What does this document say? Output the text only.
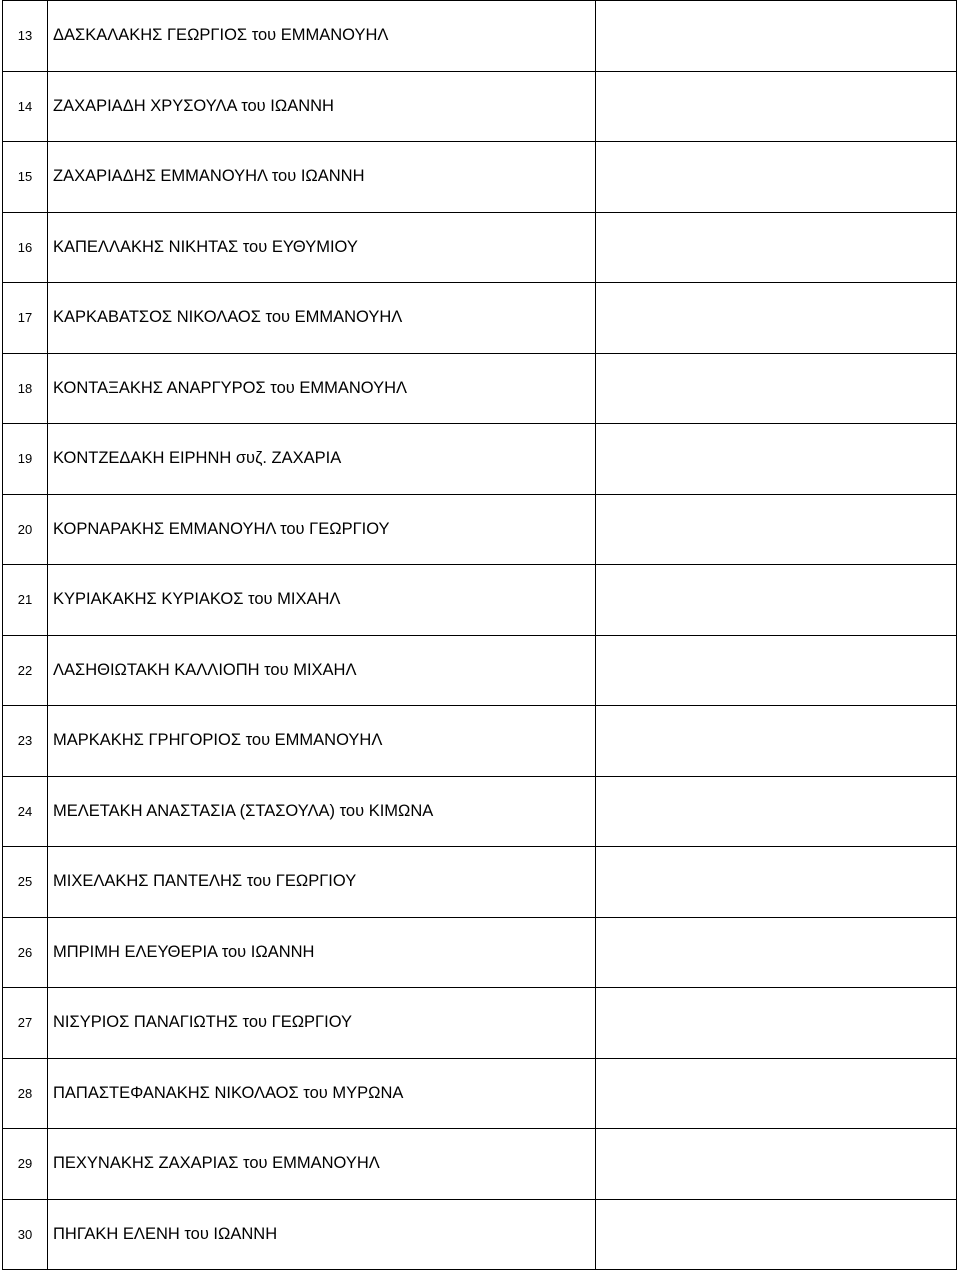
13	ΔΑΣΚΑΛΑΚΗΣ ΓΕΩΡΓΙΟΣ του ΕΜΜΑΝΟΥΗΛ	
14	ΖΑΧΑΡΙΑΔΗ ΧΡΥΣΟΥΛΑ του ΙΩΑΝΝΗ	
15	ΖΑΧΑΡΙΑΔΗΣ ΕΜΜΑΝΟΥΗΛ του ΙΩΑΝΝΗ	
16	ΚΑΠΕΛΛΑΚΗΣ ΝΙΚΗΤΑΣ του ΕΥΘΥΜΙΟΥ	
17	ΚΑΡΚΑΒΑΤΣΟΣ ΝΙΚΟΛΑΟΣ του ΕΜΜΑΝΟΥΗΛ	
18	ΚΟΝΤΑΞΑΚΗΣ ΑΝΑΡΓΥΡΟΣ του ΕΜΜΑΝΟΥΗΛ	
19	ΚΟΝΤΖΕΔΑΚΗ ΕΙΡΗΝΗ συζ. ΖΑΧΑΡΙΑ	
20	ΚΟΡΝΑΡΑΚΗΣ ΕΜΜΑΝΟΥΗΛ του ΓΕΩΡΓΙΟΥ	
21	ΚΥΡΙΑΚΑΚΗΣ ΚΥΡΙΑΚΟΣ του ΜΙΧΑΗΛ	
22	ΛΑΣΗΘΙΩΤΑΚΗ ΚΑΛΛΙΟΠΗ του ΜΙΧΑΗΛ	
23	ΜΑΡΚΑΚΗΣ ΓΡΗΓΟΡΙΟΣ του ΕΜΜΑΝΟΥΗΛ	
24	ΜΕΛΕΤΑΚΗ ΑΝΑΣΤΑΣΙΑ (ΣΤΑΣΟΥΛΑ) του ΚΙΜΩΝΑ	
25	ΜΙΧΕΛΑΚΗΣ ΠΑΝΤΕΛΗΣ του ΓΕΩΡΓΙΟΥ	
26	ΜΠΡΙΜΗ ΕΛΕΥΘΕΡΙΑ του ΙΩΑΝΝΗ	
27	ΝΙΣΥΡΙΟΣ ΠΑΝΑΓΙΩΤΗΣ του ΓΕΩΡΓΙΟΥ	
28	ΠΑΠΑΣΤΕΦΑΝΑΚΗΣ ΝΙΚΟΛΑΟΣ του ΜΥΡΩΝΑ	
29	ΠΕΧΥΝΑΚΗΣ ΖΑΧΑΡΙΑΣ του ΕΜΜΑΝΟΥΗΛ	
30	ΠΗΓΑΚΗ ΕΛΕΝΗ του ΙΩΑΝΝΗ	
